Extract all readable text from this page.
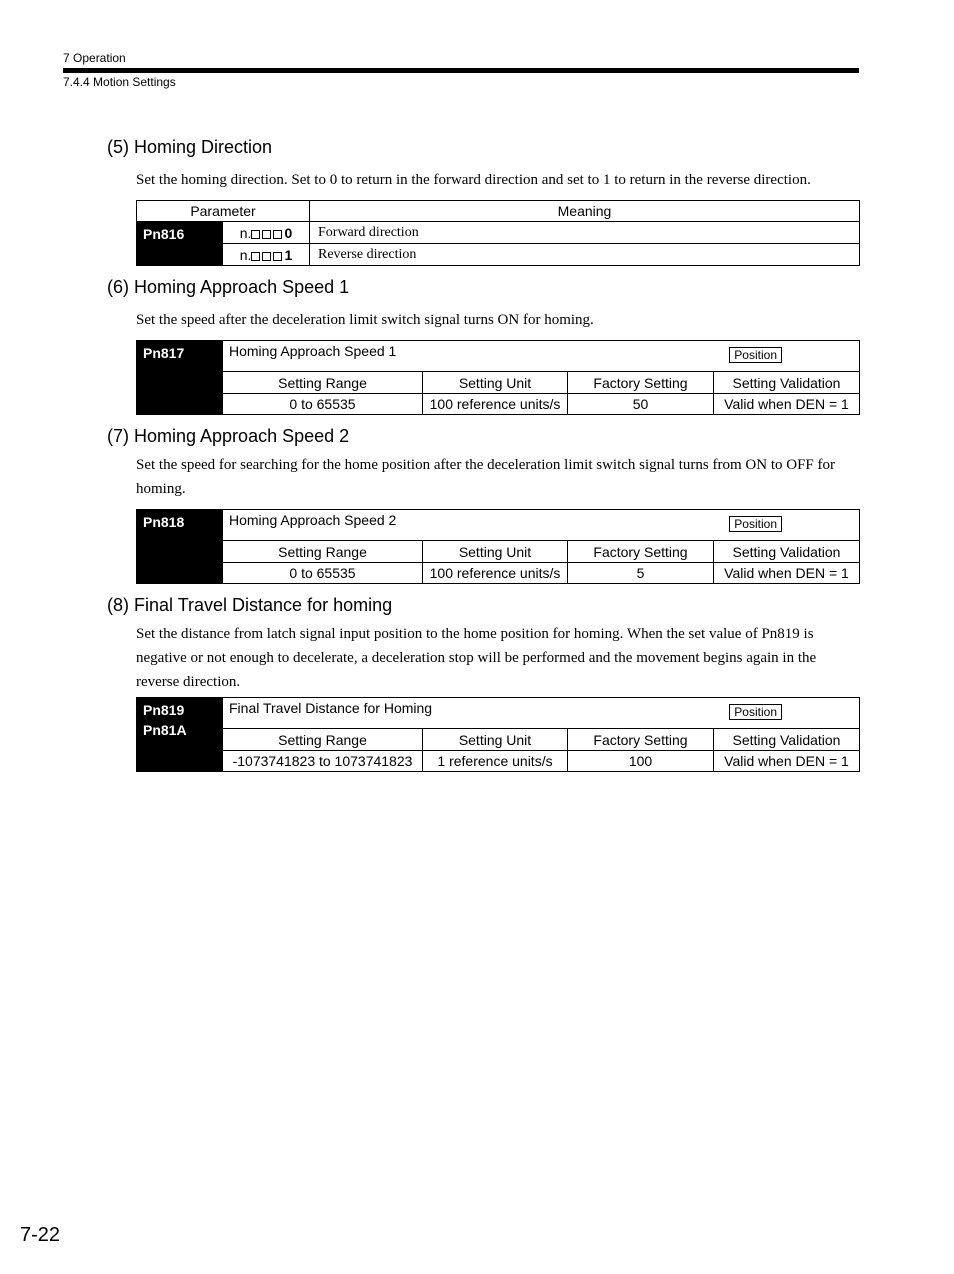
7 Operation
7.4.4 Motion Settings
(5) Homing Direction
Set the homing direction. Set to 0 to return in the forward direction and set to 1 to return in the reverse direction.
Parameter		Meaning
Pn816	n. 0	Forward direction
	n. 1	Reverse direction
(6) Homing Approach Speed 1
Set the speed after the deceleration limit switch signal turns ON for homing.
Pn817	Homing Approach Speed 1 Position			

	Setting Range	Setting Unit	Factory Setting	Setting Validation
	0 to 65535	100 reference units/s	50	Valid when DEN = 1
(7) Homing Approach Speed 2
Set the speed for searching for the home position after the deceleration limit switch signal turns from ON to OFF for homing.
Pn818	Homing Approach Speed 2 Position			

	Setting Range	Setting Unit	Factory Setting	Setting Validation
	0 to 65535	100 reference units/s	5	Valid when DEN = 1
(8) Final Travel Distance for homing
Set the distance from latch signal input position to the home position for homing. When the set value of Pn819 is negative or not enough to decelerate, a deceleration stop will be performed and the movement begins again in the reverse direction.
Pn819
Pn81A	Final Travel Distance for Homing Position			

	Setting Range	Setting Unit	Factory Setting	Setting Validation
	-1073741823 to 1073741823	1 reference units/s	100	Valid when DEN = 1
7-22
